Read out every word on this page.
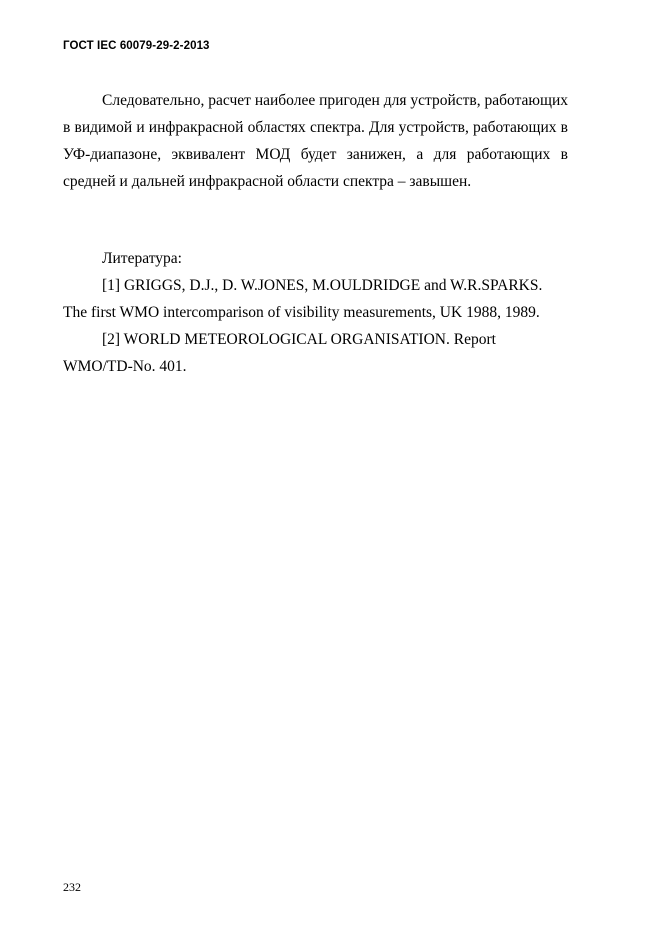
ГОСТ IEC 60079-29-2-2013

Следовательно, расчет наиболее пригоден для устройств, работающих в видимой и инфракрасной областях спектра. Для устройств, работающих в УФ-диапазоне, эквивалент МОД будет занижен, а для работающих в средней и дальней инфракрасной области спектра – завышен.

Литература:

[1] GRIGGS, D.J., D. W.JONES, M.OULDRIDGE and W.R.SPARKS. The first WMO intercomparison of visibility measurements, UK 1988, 1989.

[2] WORLD METEOROLOGICAL ORGANISATION. Report WMO/TD-No. 401.

232
